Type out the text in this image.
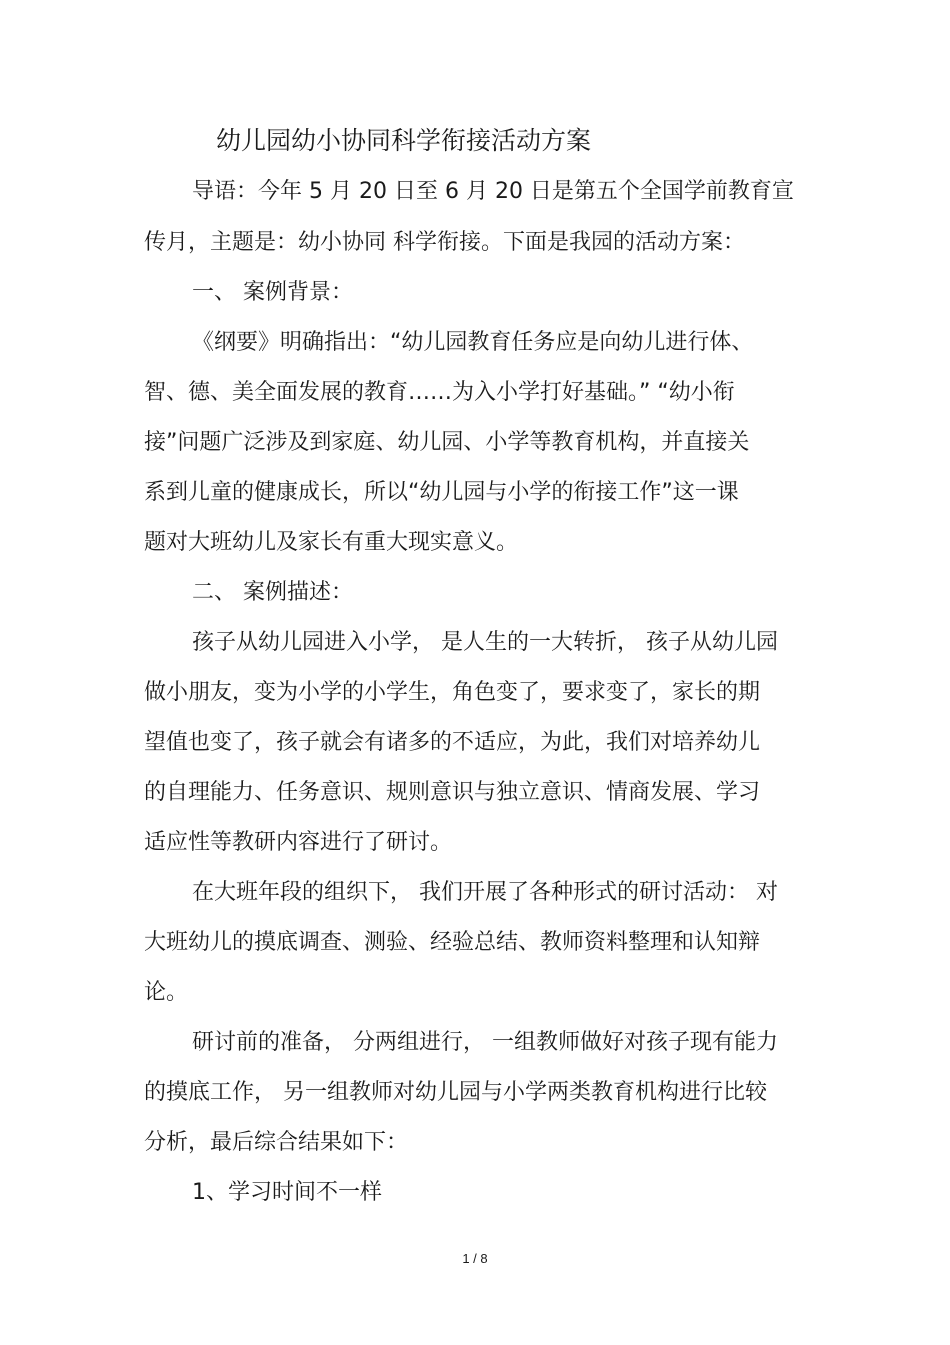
幼儿园幼小协同科学衔接活动方案
导语：今年 5 月 20 日至 6 月 20 日是第五个全国学前教育宣
传月，主题是：幼小协同 科学衔接。下面是我园的活动方案：
一、 案例背景：
《纲要》明确指出：“幼儿园教育任务应是向幼儿进行体、
智、德、美全面发展的教育……为入小学打好基础。” “幼小衔
接”问题广泛涉及到家庭、幼儿园、小学等教育机构，并直接关
系到儿童的健康成长，所以“幼儿园与小学的衔接工作”这一课
题对大班幼儿及家长有重大现实意义。
二、 案例描述：
孩子从幼儿园进入小学， 是人生的一大转折， 孩子从幼儿园
做小朋友，变为小学的小学生，角色变了，要求变了，家长的期
望值也变了，孩子就会有诸多的不适应，为此，我们对培养幼儿
的自理能力、任务意识、规则意识与独立意识、情商发展、学习
适应性等教研内容进行了研讨。
在大班年段的组织下， 我们开展了各种形式的研讨活动： 对
大班幼儿的摸底调查、测验、经验总结、教师资料整理和认知辩
论。
研讨前的准备， 分两组进行， 一组教师做好对孩子现有能力
的摸底工作， 另一组教师对幼儿园与小学两类教育机构进行比较
分析，最后综合结果如下：
1、学习时间不一样
1 / 8
